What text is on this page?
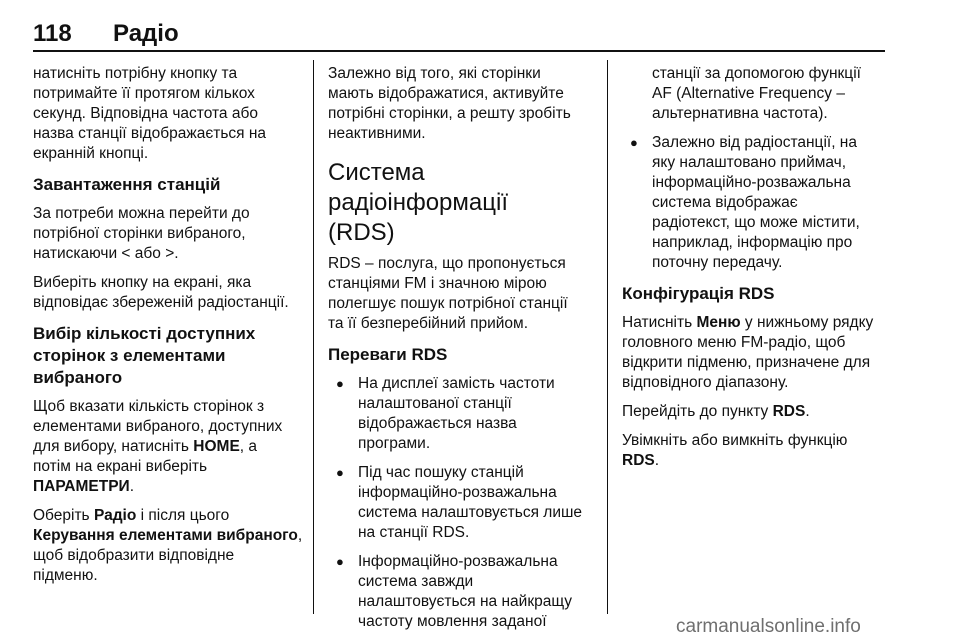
118 Радіо

натисніть потрібну кнопку та
потримайте її протягом кількох
секунд. Відповідна частота або
назва станції відображається на
екранній кнопці.

Завантаження станцій

За потреби можна перейти до
потрібної сторінки вибраного,
натискаючи < або >.

Виберіть кнопку на екрані, яка
відповідає збереженій радіостанції.

Вибір кількості доступних
сторінок з елементами
вибраного

Щоб вказати кількість сторінок з
елементами вибраного, доступних
для вибору, натисніть HOME, а
потім на екрані виберіть
ПАРАМЕТРИ.

Оберіть Радіо і після цього
Керування елементами вибраного,
щоб відобразити відповідне
підменю.

Залежно від того, які сторінки
мають відображатися, активуйте
потрібні сторінки, а решту зробіть
неактивними.

Система радіоінформації
(RDS)

RDS – послуга, що пропонується
станціями FM і значною мірою
полегшує пошук потрібної станції
та її безперебійний прийом.

Переваги RDS
● На дисплеї замість частоти
налаштованої станції
відображається назва
програми.
● Під час пошуку станцій
інформаційно-розважальна
система налаштовується лише
на станції RDS.
● Інформаційно-розважальна
система завжди
налаштовується на найкращу
частоту мовлення заданої

станції за допомогою функції
AF (Alternative Frequency –
альтернативна частота).

● Залежно від радіостанції, на
яку налаштовано приймач,
інформаційно-розважальна
система відображає
радіотекст, що може містити,
наприклад, інформацію про
поточну передачу.
Конфігурація RDS

Натисніть Меню у нижньому рядку
головного меню FM-радіо, щоб
відкрити підменю, призначене для
відповідного діапазону.

Перейдіть до пункту RDS.

Увімкніть або вимкніть функцію
RDS.

carmanualsonline.info
